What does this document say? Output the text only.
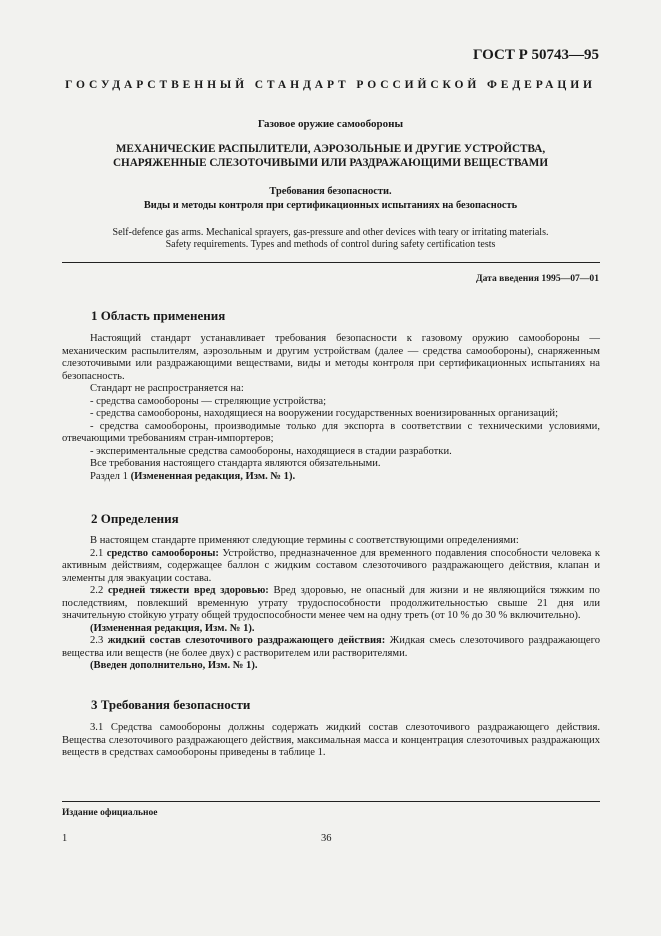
ГОСТ Р 50743—95
ГОСУДАРСТВЕННЫЙ СТАНДАРТ РОССИЙСКОЙ ФЕДЕРАЦИИ
Газовое оружие самообороны
МЕХАНИЧЕСКИЕ РАСПЫЛИТЕЛИ, АЭРОЗОЛЬНЫЕ И ДРУГИЕ УСТРОЙСТВА,
СНАРЯЖЕННЫЕ СЛЕЗОТОЧИВЫМИ ИЛИ РАЗДРАЖАЮЩИМИ ВЕЩЕСТВАМИ
Требования безопасности.
Виды и методы контроля при сертификационных испытаниях на безопасность
Self-defence gas arms. Mechanical sprayers, gas-pressure and other devices with teary or irritating materials.
Safety requirements. Types and methods of control during safety certification tests
Дата введения 1995—07—01
1 Область применения

Настоящий стандарт устанавливает требования безопасности к газовому оружию самообороны — механическим распылителям, аэрозольным и другим устройствам (далее — средства самообороны), снаряженным слезоточивыми или раздражающими веществами, виды и методы контроля при сертификационных испытаниях на безопасность.

Стандарт не распространяется на:

- средства самообороны — стреляющие устройства;

- средства самообороны, находящиеся на вооружении государственных военизированных организаций;

- средства самообороны, производимые только для экспорта в соответствии с техническими условиями, отвечающими требованиям стран-импортеров;

- экспериментальные средства самообороны, находящиеся в стадии разработки.

Все требования настоящего стандарта являются обязательными.

Раздел 1 (Измененная редакция, Изм. № 1).

2 Определения

В настоящем стандарте применяют следующие термины с соответствующими определениями:

2.1 средство самообороны: Устройство, предназначенное для временного подавления способности человека к активным действиям, содержащее баллон с жидким составом слезоточивого раздражающего действия, клапан и элементы для эвакуации состава.

2.2 средней тяжести вред здоровью: Вред здоровью, не опасный для жизни и не являющийся тяжким по последствиям, повлекший временную утрату трудоспособности продолжительностью свыше 21 дня или значительную стойкую утрату общей трудоспособности менее чем на одну треть (от 10 % до 30 % включительно).

(Измененная редакция, Изм. № 1).

2.3 жидкий состав слезоточивого раздражающего действия: Жидкая смесь слезоточивого раздражающего вещества или веществ (не более двух) с растворителем или растворителями.

(Введен дополнительно, Изм. № 1).

3 Требования безопасности

3.1 Средства самообороны должны содержать жидкий состав слезоточивого раздражающего действия. Вещества слезоточивого раздражающего действия, максимальная масса и концентрация слезоточивых раздражающих веществ в средствах самообороны приведены в таблице 1.

Издание официальное
1	36
